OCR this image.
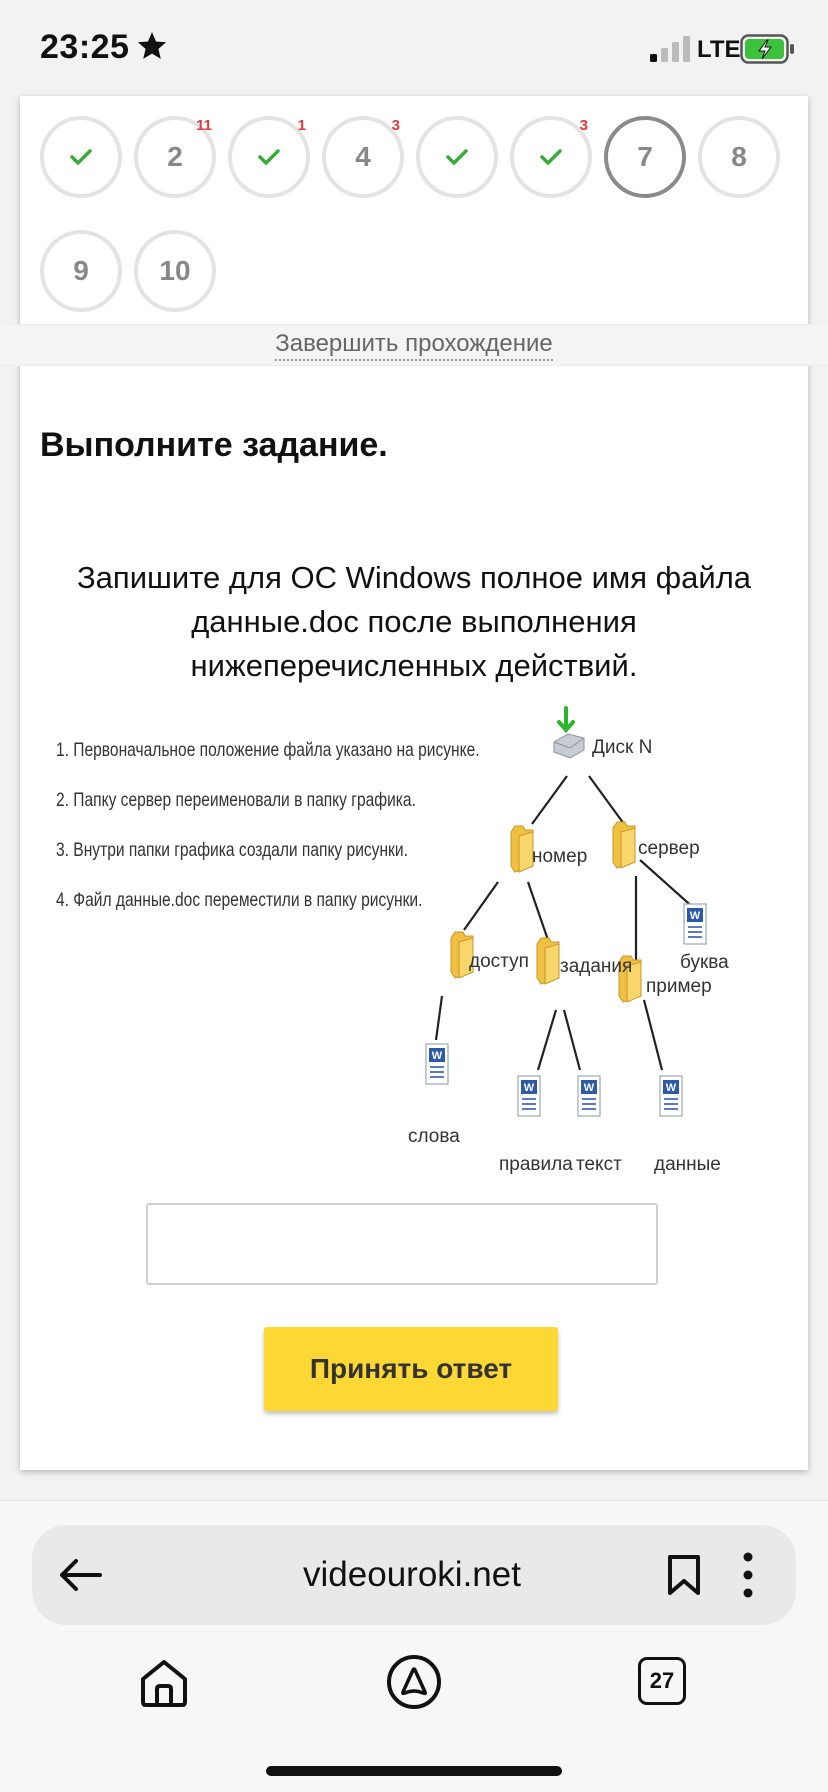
23:25	LTE
2
11	1
4
3	3
7	8
9	10
Выполните задание.
Запишите для ОС Windows полное имя файла данные.doc после выполнения нижеперечисленных действий.
Принять ответ
Завершить прохождение
W
1. Первоначальное положение файла указано на рисунке.
2. Папку сервер переименовали в папку графика.
3. Внутри папки графика создали папку рисунки.
4. Файл данные.doc переместили в папку рисунки.
Диск N
номер	сервер
доступ задания
пример
буква
слова
правила текст данные
videouroki.net
27
